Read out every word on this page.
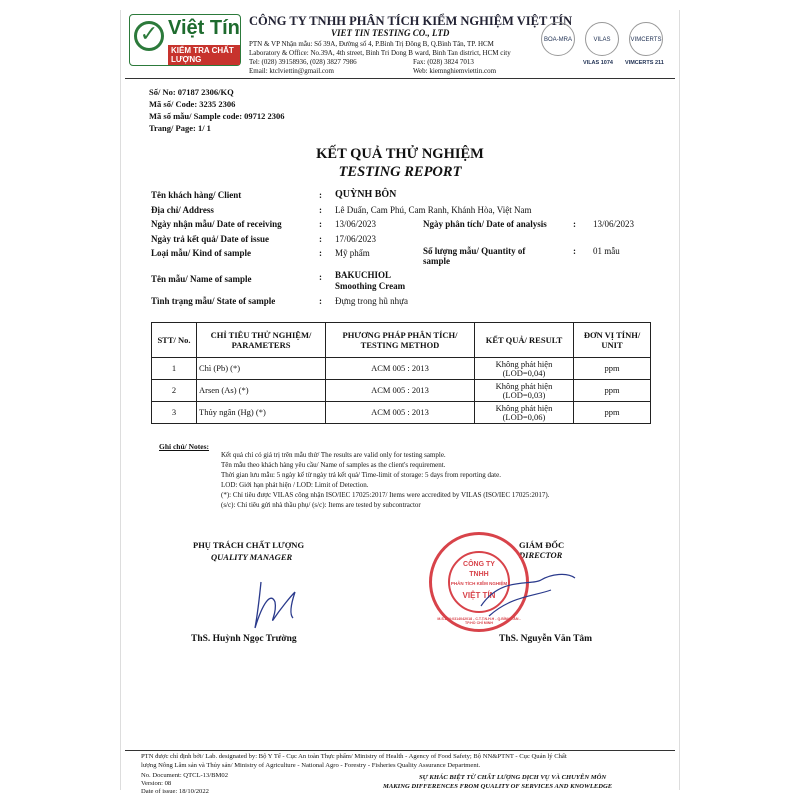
✓ Việt Tín
KIỂM TRA CHẤT LƯỢNG
CÔNG TY TNHH PHÂN TÍCH KIỂM NGHIỆM VIỆT TÍN
VIET TIN TESTING CO., LTD
PTN & VP Nhận mẫu: Số 39A, Đường số 4, P.Bình Trị Đông B, Q.Bình Tân, TP. HCM
Laboratory & Office: No.39A, 4th street, Binh Tri Dong B ward, Binh Tan district, HCM city
Tel: (028) 39158936, (028) 3827 7986	Fax: (028) 3824 7013
Email: ktclviettin@gmail.com	Web: kiemnghiemviettin.com
BOA-MRA	VILAS	VIMCERTS
VILAS 1074 VIMCERTS 211
Số/ No: 07187 2306/KQ
Mã số/ Code: 3235 2306
Mã số mẫu/ Sample code: 09712 2306
Trang/ Page: 1/ 1
KẾT QUẢ THỬ NGHIỆM
TESTING REPORT
Tên khách hàng/ Client	: QUỲNH BÔN
Địa chỉ/ Address	: Lê Duẩn, Cam Phú, Cam Ranh, Khánh Hòa, Việt Nam
Ngày nhận mẫu/ Date of receiving	: 13/06/2023	Ngày phân tích/ Date of analysis	: 13/06/2023
Ngày trả kết quả/ Date of issue	: 17/06/2023
Loại mẫu/ Kind of sample	: Mỹ phẩm	Số lượng mẫu/ Quantity of sample
: 01 mẫu
Tên mẫu/ Name of sample	: BAKUCHIOL
Smoothing Cream
Tình trạng mẫu/ State of sample	: Đựng trong hũ nhựa
STT/ No.	CHỈ TIÊU THỬ NGHIỆM/ PARAMETERS	PHƯƠNG PHÁP PHÂN TÍCH/ TESTING METHOD	KẾT QUẢ/ RESULT	ĐƠN VỊ TÍNH/ UNIT
1	Chì (Pb) (*)	ACM 005 : 2013	Không phát hiện (LOD=0,04)	ppm
2	Arsen (As) (*)	ACM 005 : 2013	Không phát hiện (LOD=0,03)	ppm
3	Thủy ngân (Hg) (*)	ACM 005 : 2013	Không phát hiện (LOD=0,06)	ppm
Ghi chú/ Notes:
Kết quả chỉ có giá trị trên mẫu thử/ The results are valid only for testing sample.
Tên mẫu theo khách hàng yêu cầu/ Name of samples as the client's requirement.
Thời gian lưu mẫu: 5 ngày kể từ ngày trả kết quả/ Time-limit of storage: 5 days from reporting date.
LOD: Giới hạn phát hiện / LOD: Limit of Detection.
(*): Chỉ tiêu được VILAS công nhận ISO/IEC 17025:2017/ Items were accredited by VILAS (ISO/IEC 17025:2017).
(s/c): Chỉ tiêu gửi nhà thầu phụ/ (s/c): Items are tested by subcontractor
PHỤ TRÁCH CHẤT LƯỢNG
QUALITY MANAGER
ThS. Huỳnh Ngọc Trường
GIÁM ĐỐC
DIRECTOR
CÔNG TY
TNHH
PHÂN TÍCH KIỂM NGHIỆM
VIỆT TÍN
M.S.D.N:0314042018 - C.T.T.N.H.H - Q.BÌNH TÂN - TP.HỒ CHÍ MINH
ThS. Nguyễn Văn Tâm
PTN được chỉ định bởi/ Lab. designated by: Bộ Y Tế - Cục An toàn Thực phẩm/ Ministry of Health - Agency of Food Safety; Bộ NN&PTNT - Cục Quản lý Chất
lượng Nông Lâm sản và Thủy sản/ Ministry of Agriculture - National Agro - Forestry - Fisheries Quality Assurance Department.
No. Document: QTCL-13/BM02
Version: 08
Date of issue: 18/10/2022
SỰ KHÁC BIỆT TỪ CHẤT LƯỢNG DỊCH VỤ VÀ CHUYÊN MÔN
MAKING DIFFERENCES FROM QUALITY OF SERVICES AND KNOWLEDGE
